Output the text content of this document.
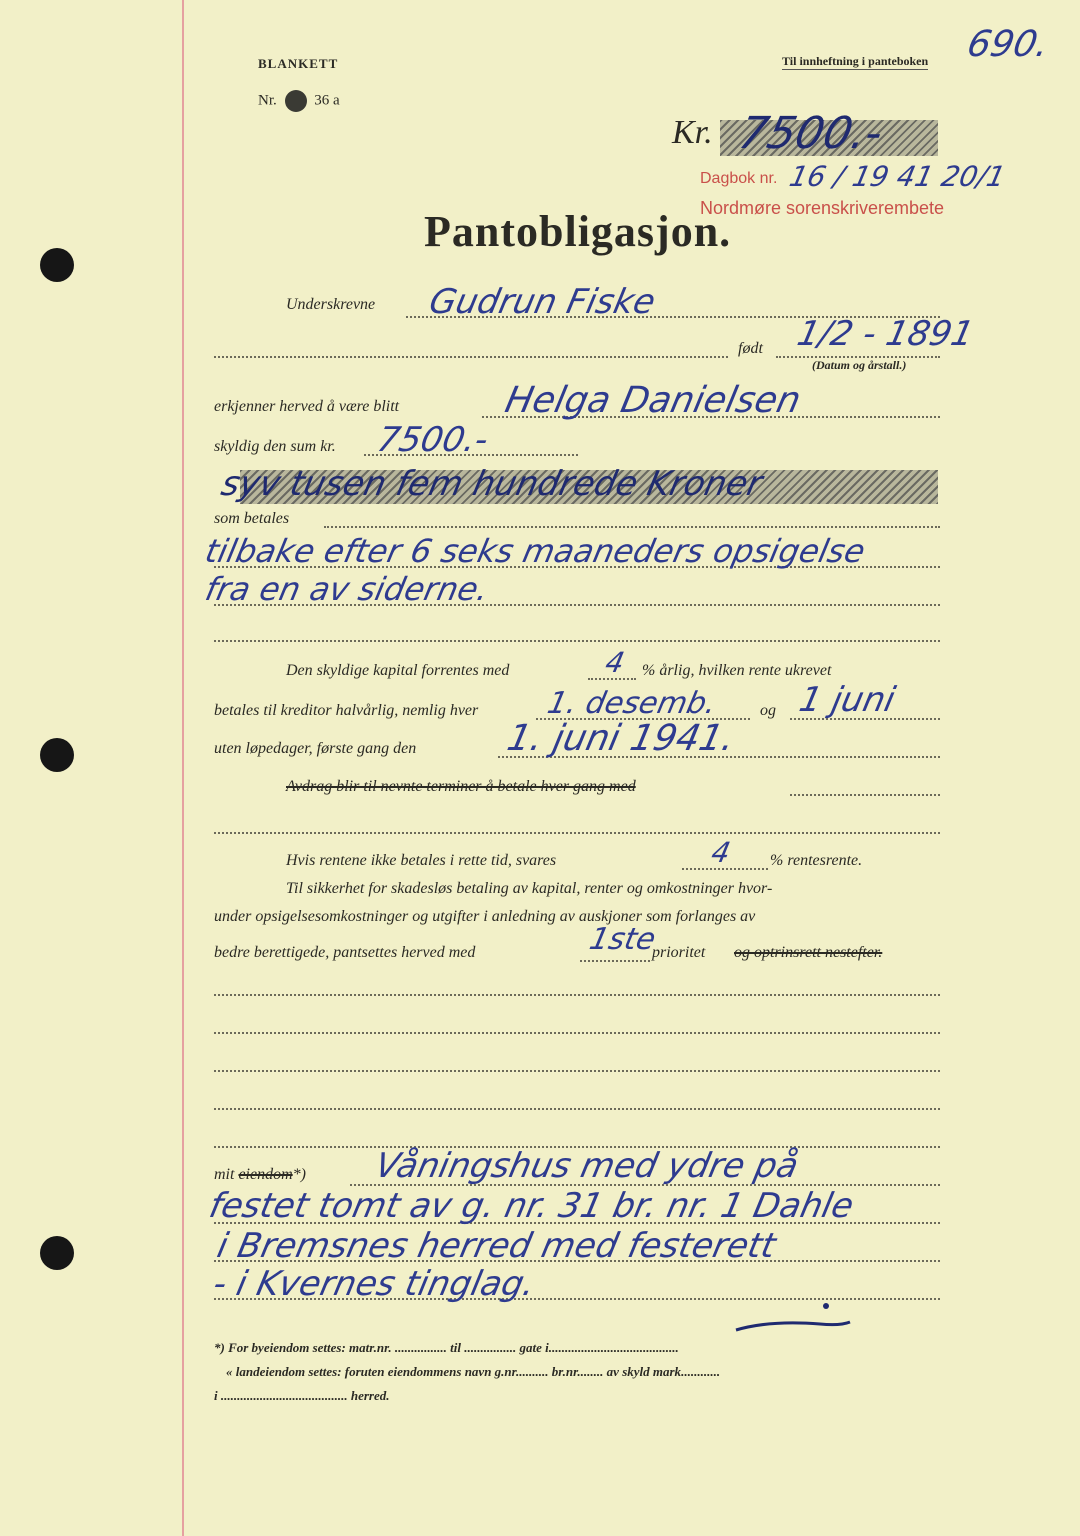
BLANKETT
Nr.	36 a
Til innheftning i panteboken 690.
Kr. 7500.-
Dagbok nr. 16 / 19 41 20/1
Nordmøre sorenskriverembete
Pantobligasjon.
Underskrevne Gudrun Fiske
født 1/2 - 1891
(Datum og årstall.)
erkjenner herved å være blitt	Helga Danielsen
skyldig den sum kr. 7500.-
syv tusen fem hundrede Kroner
som betales
tilbake efter 6 seks maaneders opsigelse
fra en av siderne.
Den skyldige kapital forrentes med	4 % årlig, hvilken rente ukrevet
betales til kreditor halvårlig, nemlig hver 1. desemb.	og 1 juni
uten løpedager, første gang den 1. juni 1941.
Avdrag blir til nevnte terminer å betale hver gang med
Hvis rentene ikke betales i rette tid, svares	4 % rentesrente.
Til sikkerhet for skadesløs betaling av kapital, renter og omkostninger hvor-
under opsigelsesomkostninger og utgifter i anledning av auskjoner som forlanges av
bedre berettigede, pantsettes herved med	1ste
prioritet og optrinsrett nestefter.
mit eiendom*) Våningshus med ydre på
festet tomt av g. nr. 31 br. nr. 1 Dahle
i Bremsnes herred med festerett
- i Kvernes tinglag.
*) For byeiendom settes: matr.nr. ................ til ................ gate i........................................
« landeiendom settes: foruten eiendommens navn g.nr.......... br.nr........ av skyld mark............
i ....................................... herred.
